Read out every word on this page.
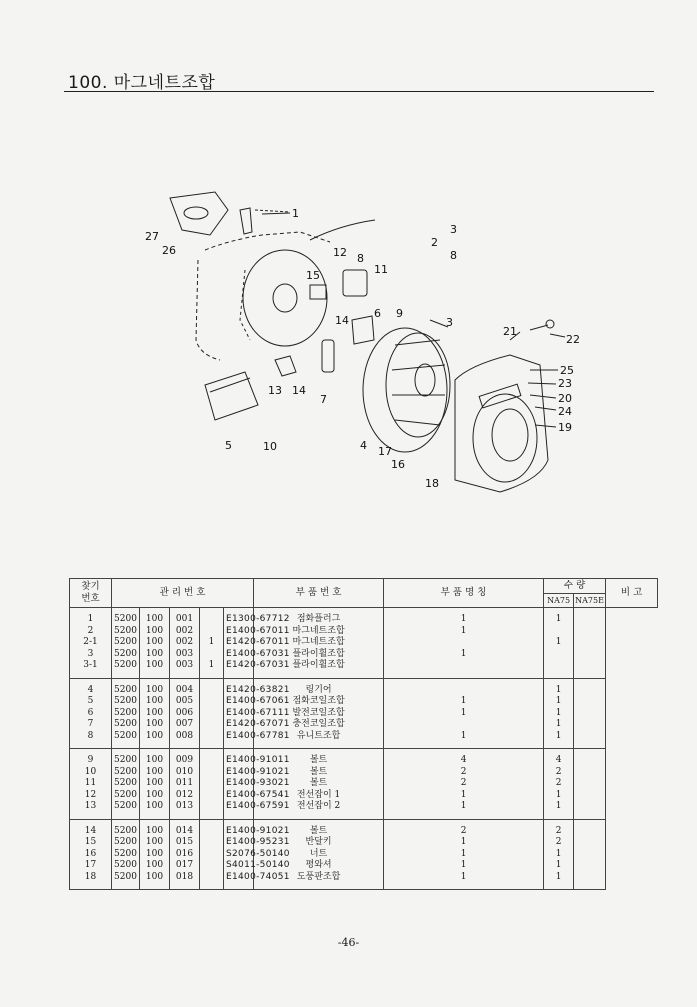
100. 마그네트조합
1
2
3
8
12 8
11
15
14
6 9
3
21
22
25
23
20
24
19
27
26
13 14
7
5	10	4 17
16
18
찾기
번호	관 리 번 호					부 품 번 호	부 품 명 칭	수 량		비 고
								NA75	NA75E	
1	5200	100	001		E1300-67712	점화플러그	1	1		
2	5200	100	002		E1400-67011	마그네트조합	1			
2-1	5200	100	002	1	E1420-67011	마그네트조합		1		
3	5200	100	003		E1400-67031	플라이휠조합	1			
3-1	5200	100	003	1	E1420-67031	플라이휠조합				
4	5200	100	004		E1420-63821	링기어		1		
5	5200	100	005		E1400-67061	점화코일조합	1	1		
6	5200	100	006		E1400-67111	발전코일조합	1	1		
7	5200	100	007		E1420-67071	충전코일조합		1		
8	5200	100	008		E1400-67781	유니트조합	1	1		
9	5200	100	009		E1400-91011	볼트	4	4		
10	5200	100	010		E1400-91021	볼트	2	2		
11	5200	100	011		E1400-93021	볼트	2	2		
12	5200	100	012		E1400-67541	전선잡이 1	1	1		
13	5200	100	013		E1400-67591	전선잡이 2	1	1		
14	5200	100	014		E1400-91021	볼트	2	2		
15	5200	100	015		E1400-95231	반달키	1	2		
16	5200	100	016		S2076-50140	너트	1	1		
17	5200	100	017		S4011-50140	평와셔	1	1		
18	5200	100	018		E1400-74051	도풍판조합	1	1		
-46-
